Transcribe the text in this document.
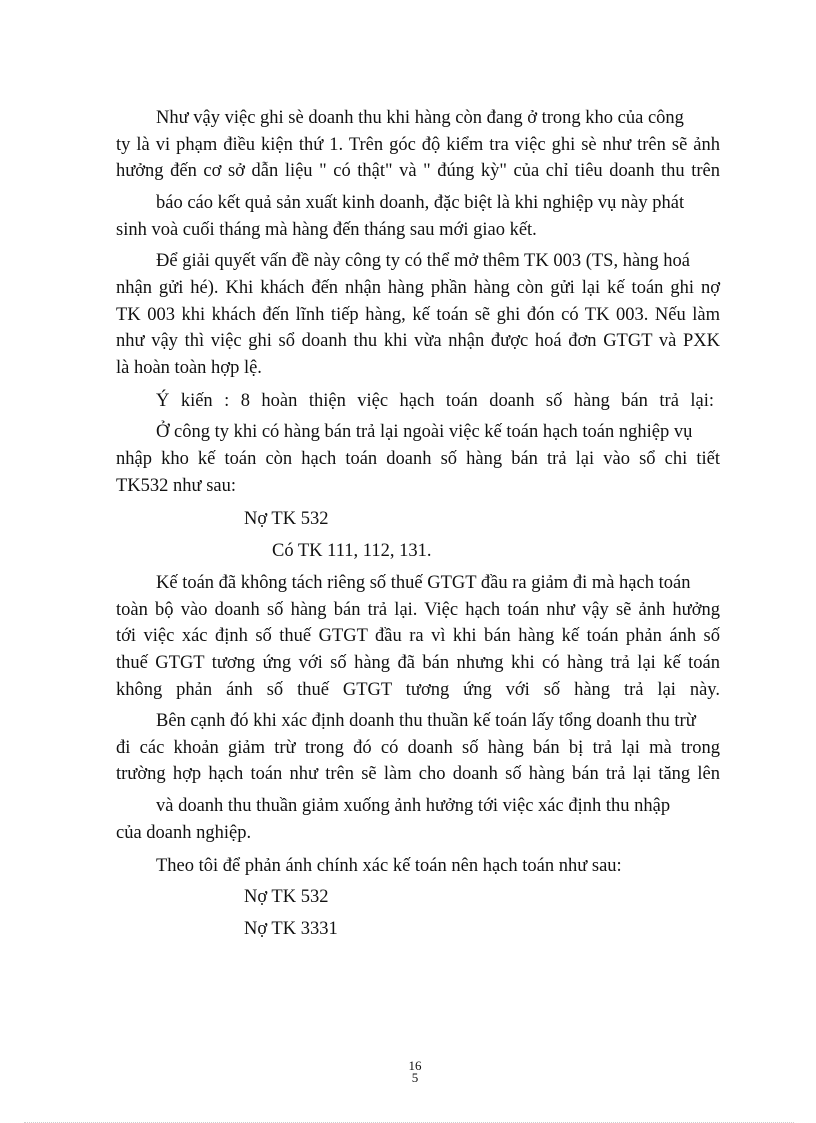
Như vậy việc ghi sè doanh thu khi hàng còn đang ở trong kho của công
ty là vi phạm điều kiện thứ 1. Trên góc độ kiểm tra việc ghi sè như trên sẽ ảnh
hưởng đến cơ sở dẫn liệu " có thật" và " đúng kỳ" của chỉ tiêu doanh thu trên
báo cáo kết quả sản xuất kinh doanh, đặc biệt là khi nghiệp vụ này phát
sinh voà cuối tháng mà hàng đến tháng sau mới giao kết.
Để giải quyết vấn đề này công ty có thể mở thêm TK 003 (TS, hàng hoá
nhận gửi hé). Khi khách đến nhận hàng phần hàng còn gửi lại kế toán ghi nợ
TK 003 khi khách đến lĩnh tiếp hàng, kế toán sẽ ghi đón có TK 003. Nếu làm
như vậy thì việc ghi sổ doanh thu khi vừa nhận được hoá đơn GTGT và PXK
là hoàn toàn hợp lệ.
Ý kiến : 8 hoàn thiện việc hạch toán doanh số hàng bán trả lại:
Ở công ty khi có hàng bán trả lại ngoài việc kế toán hạch toán nghiệp vụ
nhập kho kế toán còn hạch toán doanh số hàng bán trả lại vào sổ chi tiết
TK532 như sau:
Nợ TK 532
Có TK 111, 112, 131.
Kế toán đã không tách riêng số thuế GTGT đầu ra giảm đi mà hạch toán
toàn bộ vào doanh số hàng bán trả lại. Việc hạch toán như vậy sẽ ảnh hưởng
tới việc xác định số thuế GTGT đầu ra vì khi bán hàng kế toán phản ánh số
thuế GTGT tương ứng với số hàng đã bán nhưng khi có hàng trả lại kế toán
không phản ánh số thuế GTGT tương ứng với số hàng trả lại này.
Bên cạnh đó khi xác định doanh thu thuần kế toán lấy tổng doanh thu trừ
đi các khoản giảm trừ trong đó có doanh số hàng bán bị trả lại mà trong
trường hợp hạch toán như trên sẽ làm cho doanh số hàng bán trả lại tăng lên
và doanh thu thuần giảm xuống ảnh hưởng tới việc xác định thu nhập
của doanh nghiệp.
Theo tôi để phản ánh chính xác kế toán nên hạch toán như sau:
Nợ TK 532
Nợ TK 3331
16
5
